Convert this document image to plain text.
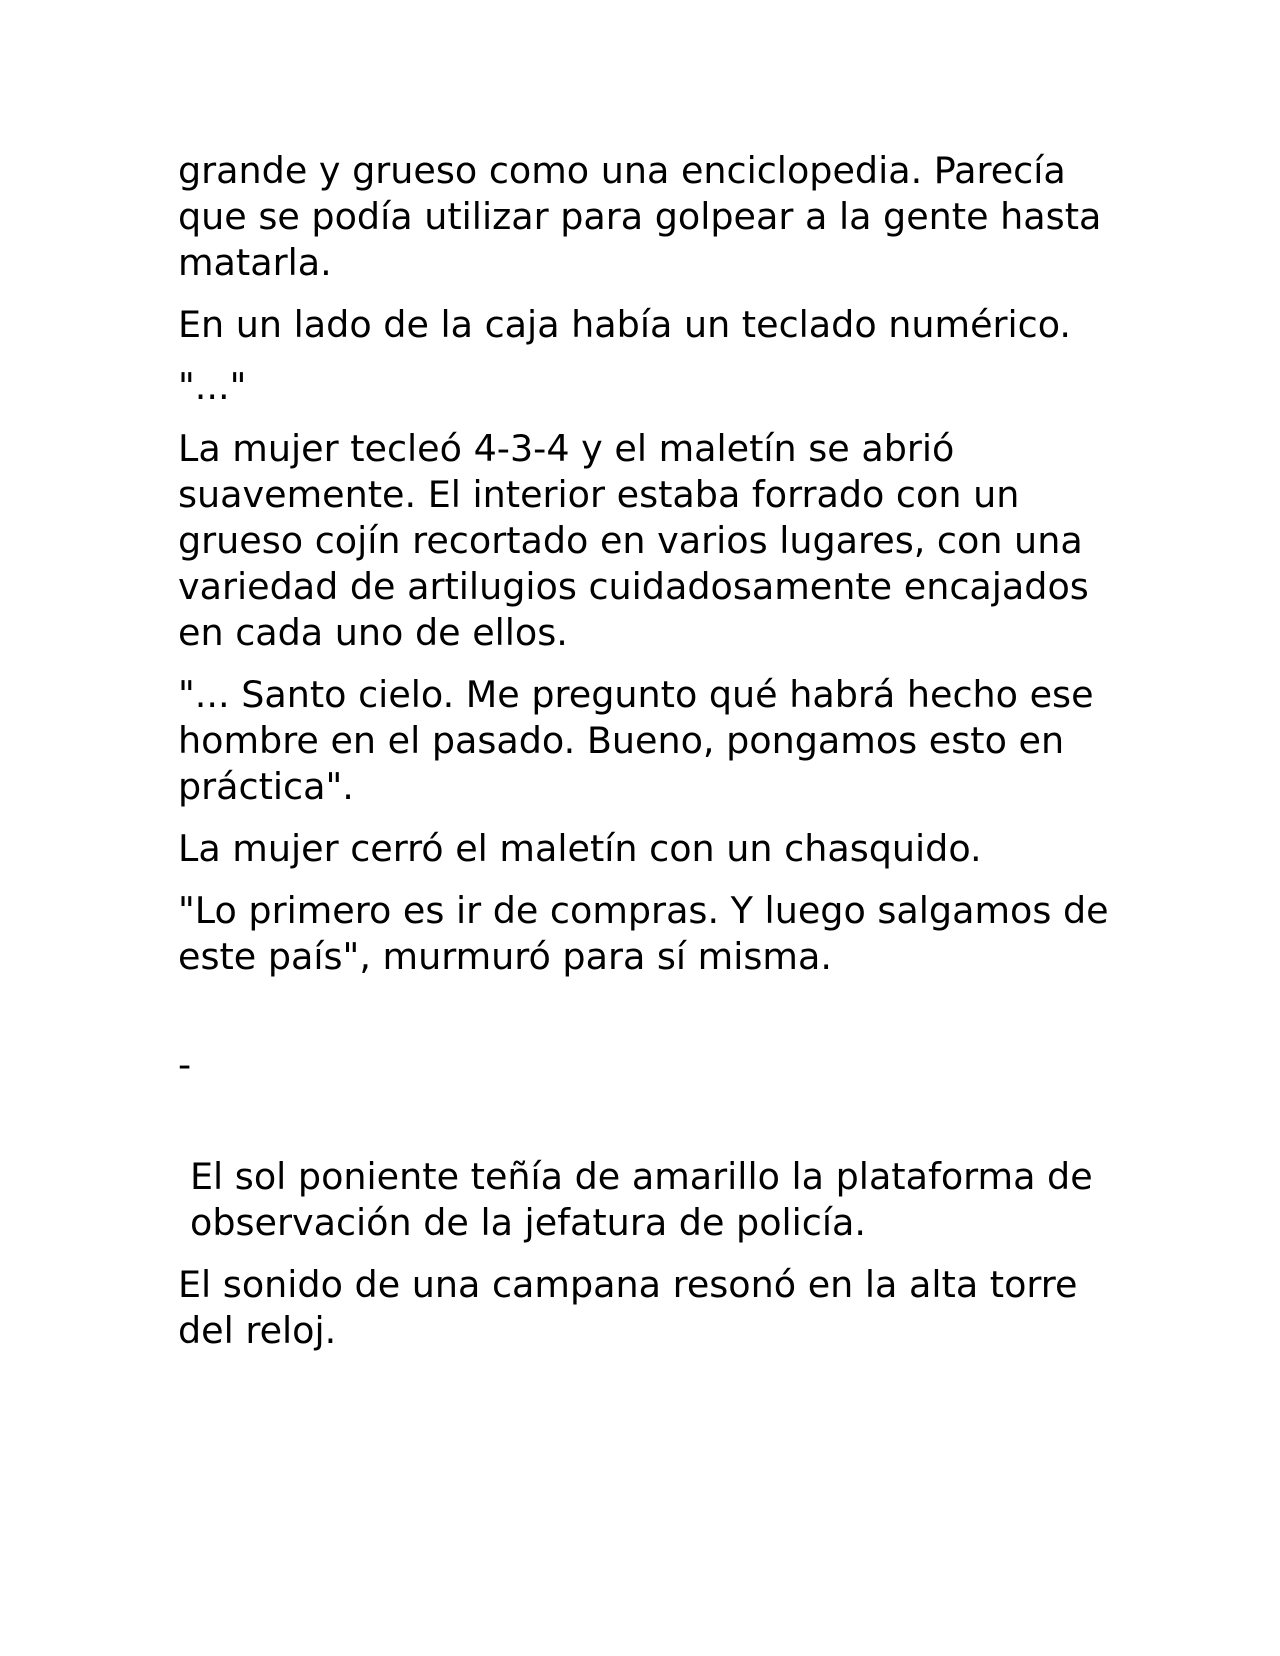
grande y grueso como una enciclopedia. Parecía que se podía utilizar para golpear a la gente hasta matarla.

En un lado de la caja había un teclado numérico.

"..."

La mujer tecleó 4-3-4 y el maletín se abrió suavemente. El interior estaba forrado con un grueso cojín recortado en varios lugares, con una variedad de artilugios cuidadosamente encajados en cada uno de ellos.

"... Santo cielo. Me pregunto qué habrá hecho ese hombre en el pasado. Bueno, pongamos esto en práctica".

La mujer cerró el maletín con un chasquido.

"Lo primero es ir de compras. Y luego salgamos de este país", murmuró para sí misma.

-

El sol poniente teñía de amarillo la plataforma de observación de la jefatura de policía.

El sonido de una campana resonó en la alta torre del reloj.
